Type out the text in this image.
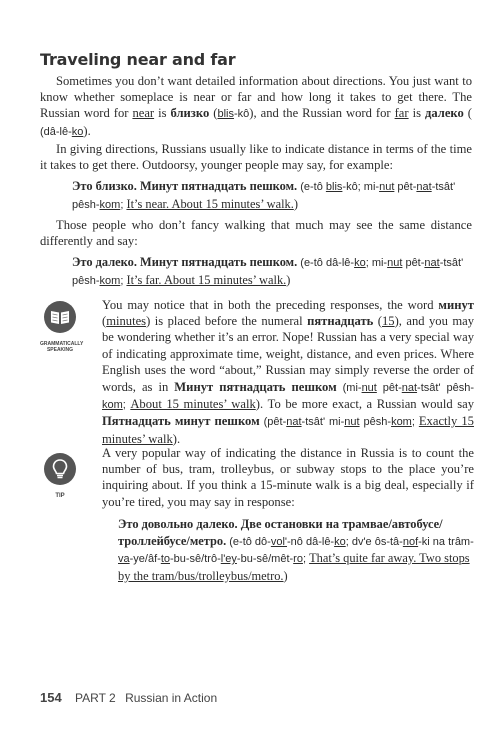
Traveling near and far

Sometimes you don’t want detailed information about directions. You just want to know whether someplace is near or far and how long it takes to get there. The Russian word for near is близко (blis-kô), and the Russian word for far is далеко ( (dâ-lê-ko).

In giving directions, Russians usually like to indicate distance in terms of the time it takes to get there. Outdoorsy, younger people may say, for example:

Это близко. Минут пятнадцать пешком. (e-tô blis-kô; mi-nut pêt-nat-tsât' pêsh-kom; It’s near. About 15 minutes’ walk.)

Those people who don’t fancy walking that much may see the same distance differently and say:

Это далеко. Минут пятнадцать пешком. (e-tô dâ-lê-ko; mi-nut pêt-nat-tsât' pêsh-kom; It’s far. About 15 minutes’ walk.)

GRAMMATICALLY SPEAKING

You may notice that in both the preceding responses, the word минут (minutes) is placed before the numeral пятнадцать (15), and you may be wondering whether it’s an error. Nope! Russian has a very special way of indicating approximate time, weight, distance, and even prices. Where English uses the word “about,” Russian may simply reverse the order of words, as in Минут пятнадцать пешком (mi-nut pêt-nat-tsât' pêsh-kom; About 15 minutes’ walk). To be more exact, a Russian would say Пятнадцать минут пешком (pêt-nat-tsât' mi-nut pêsh-kom; Exactly 15 minutes’ walk).

TIP

A very popular way of indicating the distance in Russia is to count the number of bus, tram, trolleybus, or subway stops to the place you’re inquiring about. If you think a 15-minute walk is a big deal, especially if you’re tired, you may say in response:

Это довольно далеко. Две остановки на трамвае/автобусе/троллейбусе/метро. (e-tô dô-vol'-nô dâ-lê-ko; dv'e ôs-tâ-nof-ki na trâm-va-ye/âf-to-bu-sê/trô-l'ey-bu-sê/mêt-ro; That’s quite far away. Two stops by the tram/bus/trolleybus/metro.)

154 PART 2 Russian in Action
